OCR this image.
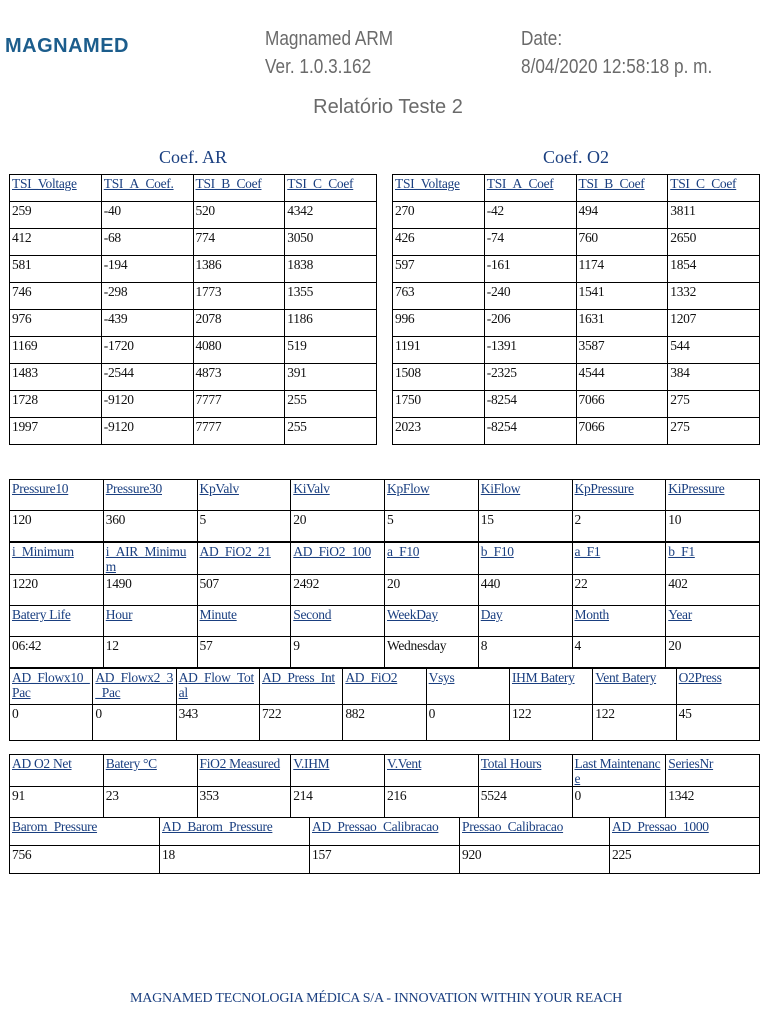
MAGNAMED	Magnamed ARM
Ver. 1.0.3.162
Date:
8/04/2020 12:58:18 p. m.
Relatório Teste 2
Coef. AR	Coef. O2
TSI_Voltage	TSI_A_Coef.	TSI_B_Coef	TSI_C_Coef
259	-40	520	4342
412	-68	774	3050
581	-194	1386	1838
746	-298	1773	1355
976	-439	2078	1186
1169	-1720	4080	519
1483	-2544	4873	391
1728	-9120	7777	255
1997	-9120	7777	255
TSI_Voltage	TSI_A_Coef	TSI_B_Coef	TSI_C_Coef
270	-42	494	3811
426	-74	760	2650
597	-161	1174	1854
763	-240	1541	1332
996	-206	1631	1207
1191	-1391	3587	544
1508	-2325	4544	384
1750	-8254	7066	275
2023	-8254	7066	275
Pressure10	Pressure30	KpValv	KiValv	KpFlow	KiFlow	KpPressure	KiPressure
120	360	5	20	5	15	2	10
i_Minimum	i_AIR_Minimum	AD_FiO2_21	AD_FiO2_100	a_F10	b_F10	a_F1	b_F1
1220	1490	507	2492	20	440	22	402
Batery Life	Hour	Minute	Second	WeekDay	Day	Month	Year
06:42	12	57	9	Wednesday	8	4	20
AD_Flowx10_Pac	AD_Flowx2_3_Pac	AD_Flow_Total	AD_Press_Int	AD_FiO2	Vsys	IHM Batery	Vent Batery	O2Press
0	0	343	722	882	0	122	122	45
AD O2 Net	Batery °C	FiO2 Measured	V.IHM	V.Vent	Total Hours	Last Maintenance	SeriesNr
91	23	353	214	216	5524	0	1342
Barom_Pressure	AD_Barom_Pressure	AD_Pressao_Calibracao	Pressao_Calibracao	AD_Pressao_1000
756	18	157	920	225
MAGNAMED TECNOLOGIA MÉDICA S/A - INNOVATION WITHIN YOUR REACH
